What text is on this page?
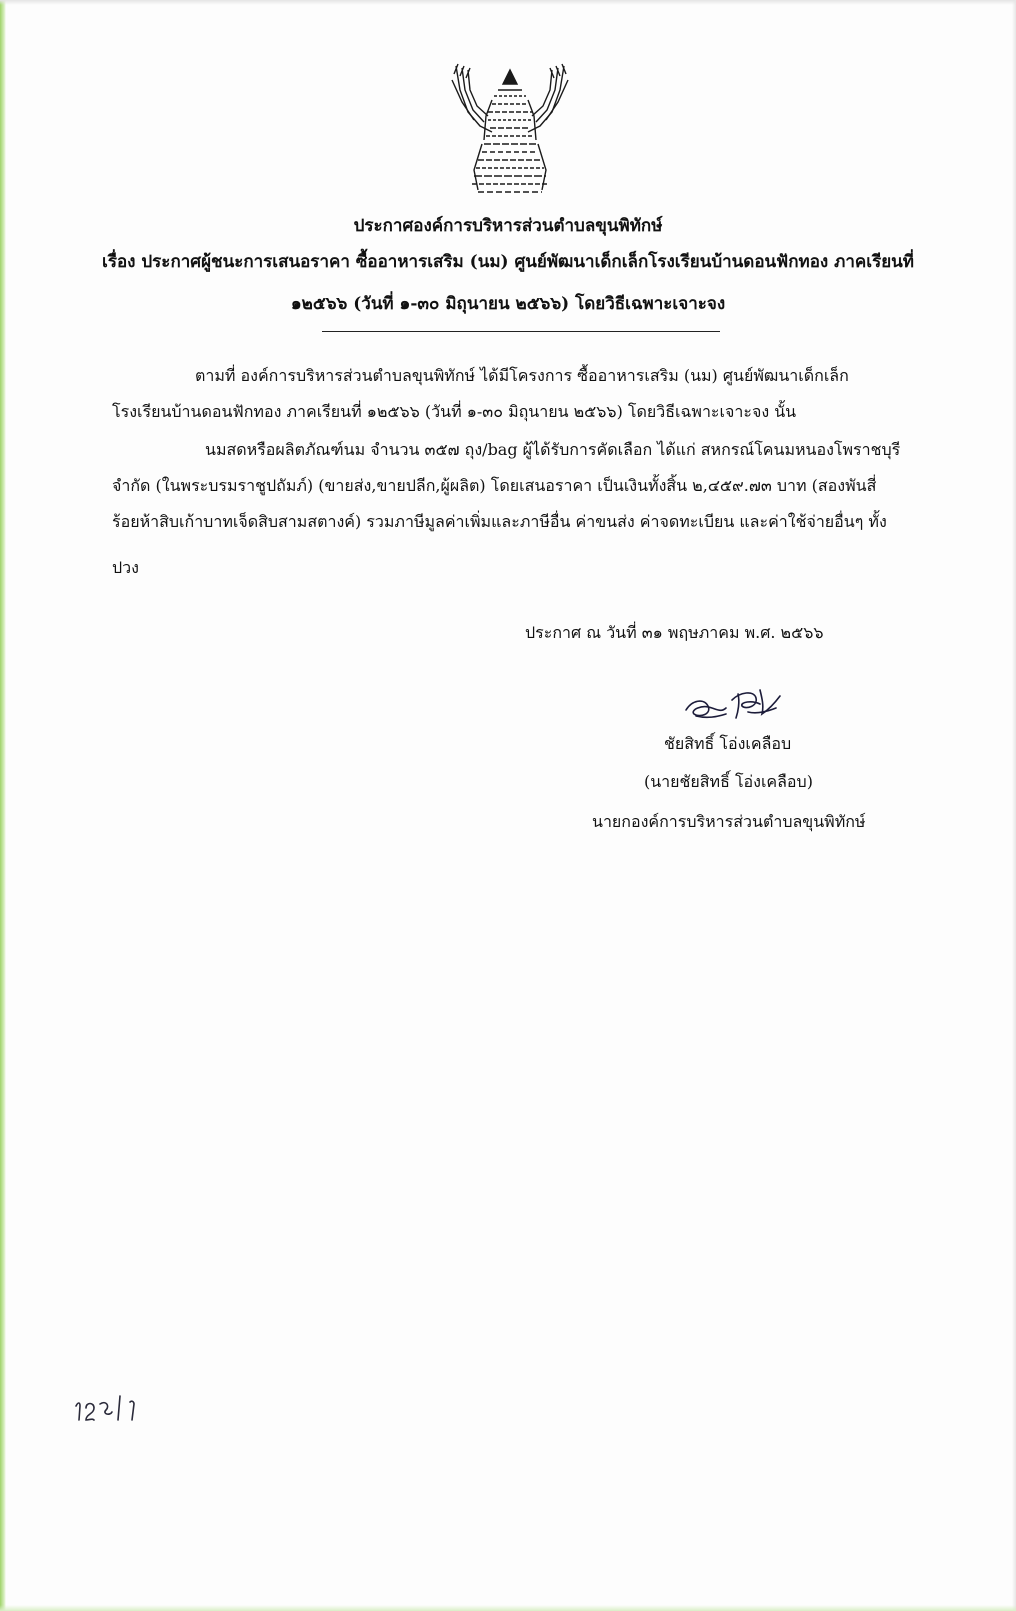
ประกาศองค์การบริหารส่วนตำบลขุนพิทักษ์
เรื่อง ประกาศผู้ชนะการเสนอราคา ซื้ออาหารเสริม (นม) ศูนย์พัฒนาเด็กเล็กโรงเรียนบ้านดอนฟักทอง ภาคเรียนที่
๑๒๕๖๖ (วันที่ ๑-๓๐ มิถุนายน ๒๕๖๖) โดยวิธีเฉพาะเจาะจง
ตามที่ องค์การบริหารส่วนตำบลขุนพิทักษ์ ได้มีโครงการ ซื้ออาหารเสริม (นม) ศูนย์พัฒนาเด็กเล็ก
โรงเรียนบ้านดอนฟักทอง ภาคเรียนที่ ๑๒๕๖๖ (วันที่ ๑-๓๐ มิถุนายน ๒๕๖๖) โดยวิธีเฉพาะเจาะจง นั้น
นมสดหรือผลิตภัณฑ์นม จำนวน ๓๕๗ ถุง/bag ผู้ได้รับการคัดเลือก ได้แก่ สหกรณ์โคนมหนองโพราชบุรี
จำกัด (ในพระบรมราชูปถัมภ์) (ขายส่ง,ขายปลีก,ผู้ผลิต) โดยเสนอราคา เป็นเงินทั้งสิ้น ๒,๔๕๙.๗๓ บาท (สองพันสี่
ร้อยห้าสิบเก้าบาทเจ็ดสิบสามสตางค์) รวมภาษีมูลค่าเพิ่มและภาษีอื่น ค่าขนส่ง ค่าจดทะเบียน และค่าใช้จ่ายอื่นๆ ทั้ง
ปวง
ประกาศ ณ วันที่ ๓๑ พฤษภาคม พ.ศ. ๒๕๖๖
ชัยสิทธิ์ โอ่งเคลือบ
(นายชัยสิทธิ์ โอ่งเคลือบ)
นายกองค์การบริหารส่วนตำบลขุนพิทักษ์
